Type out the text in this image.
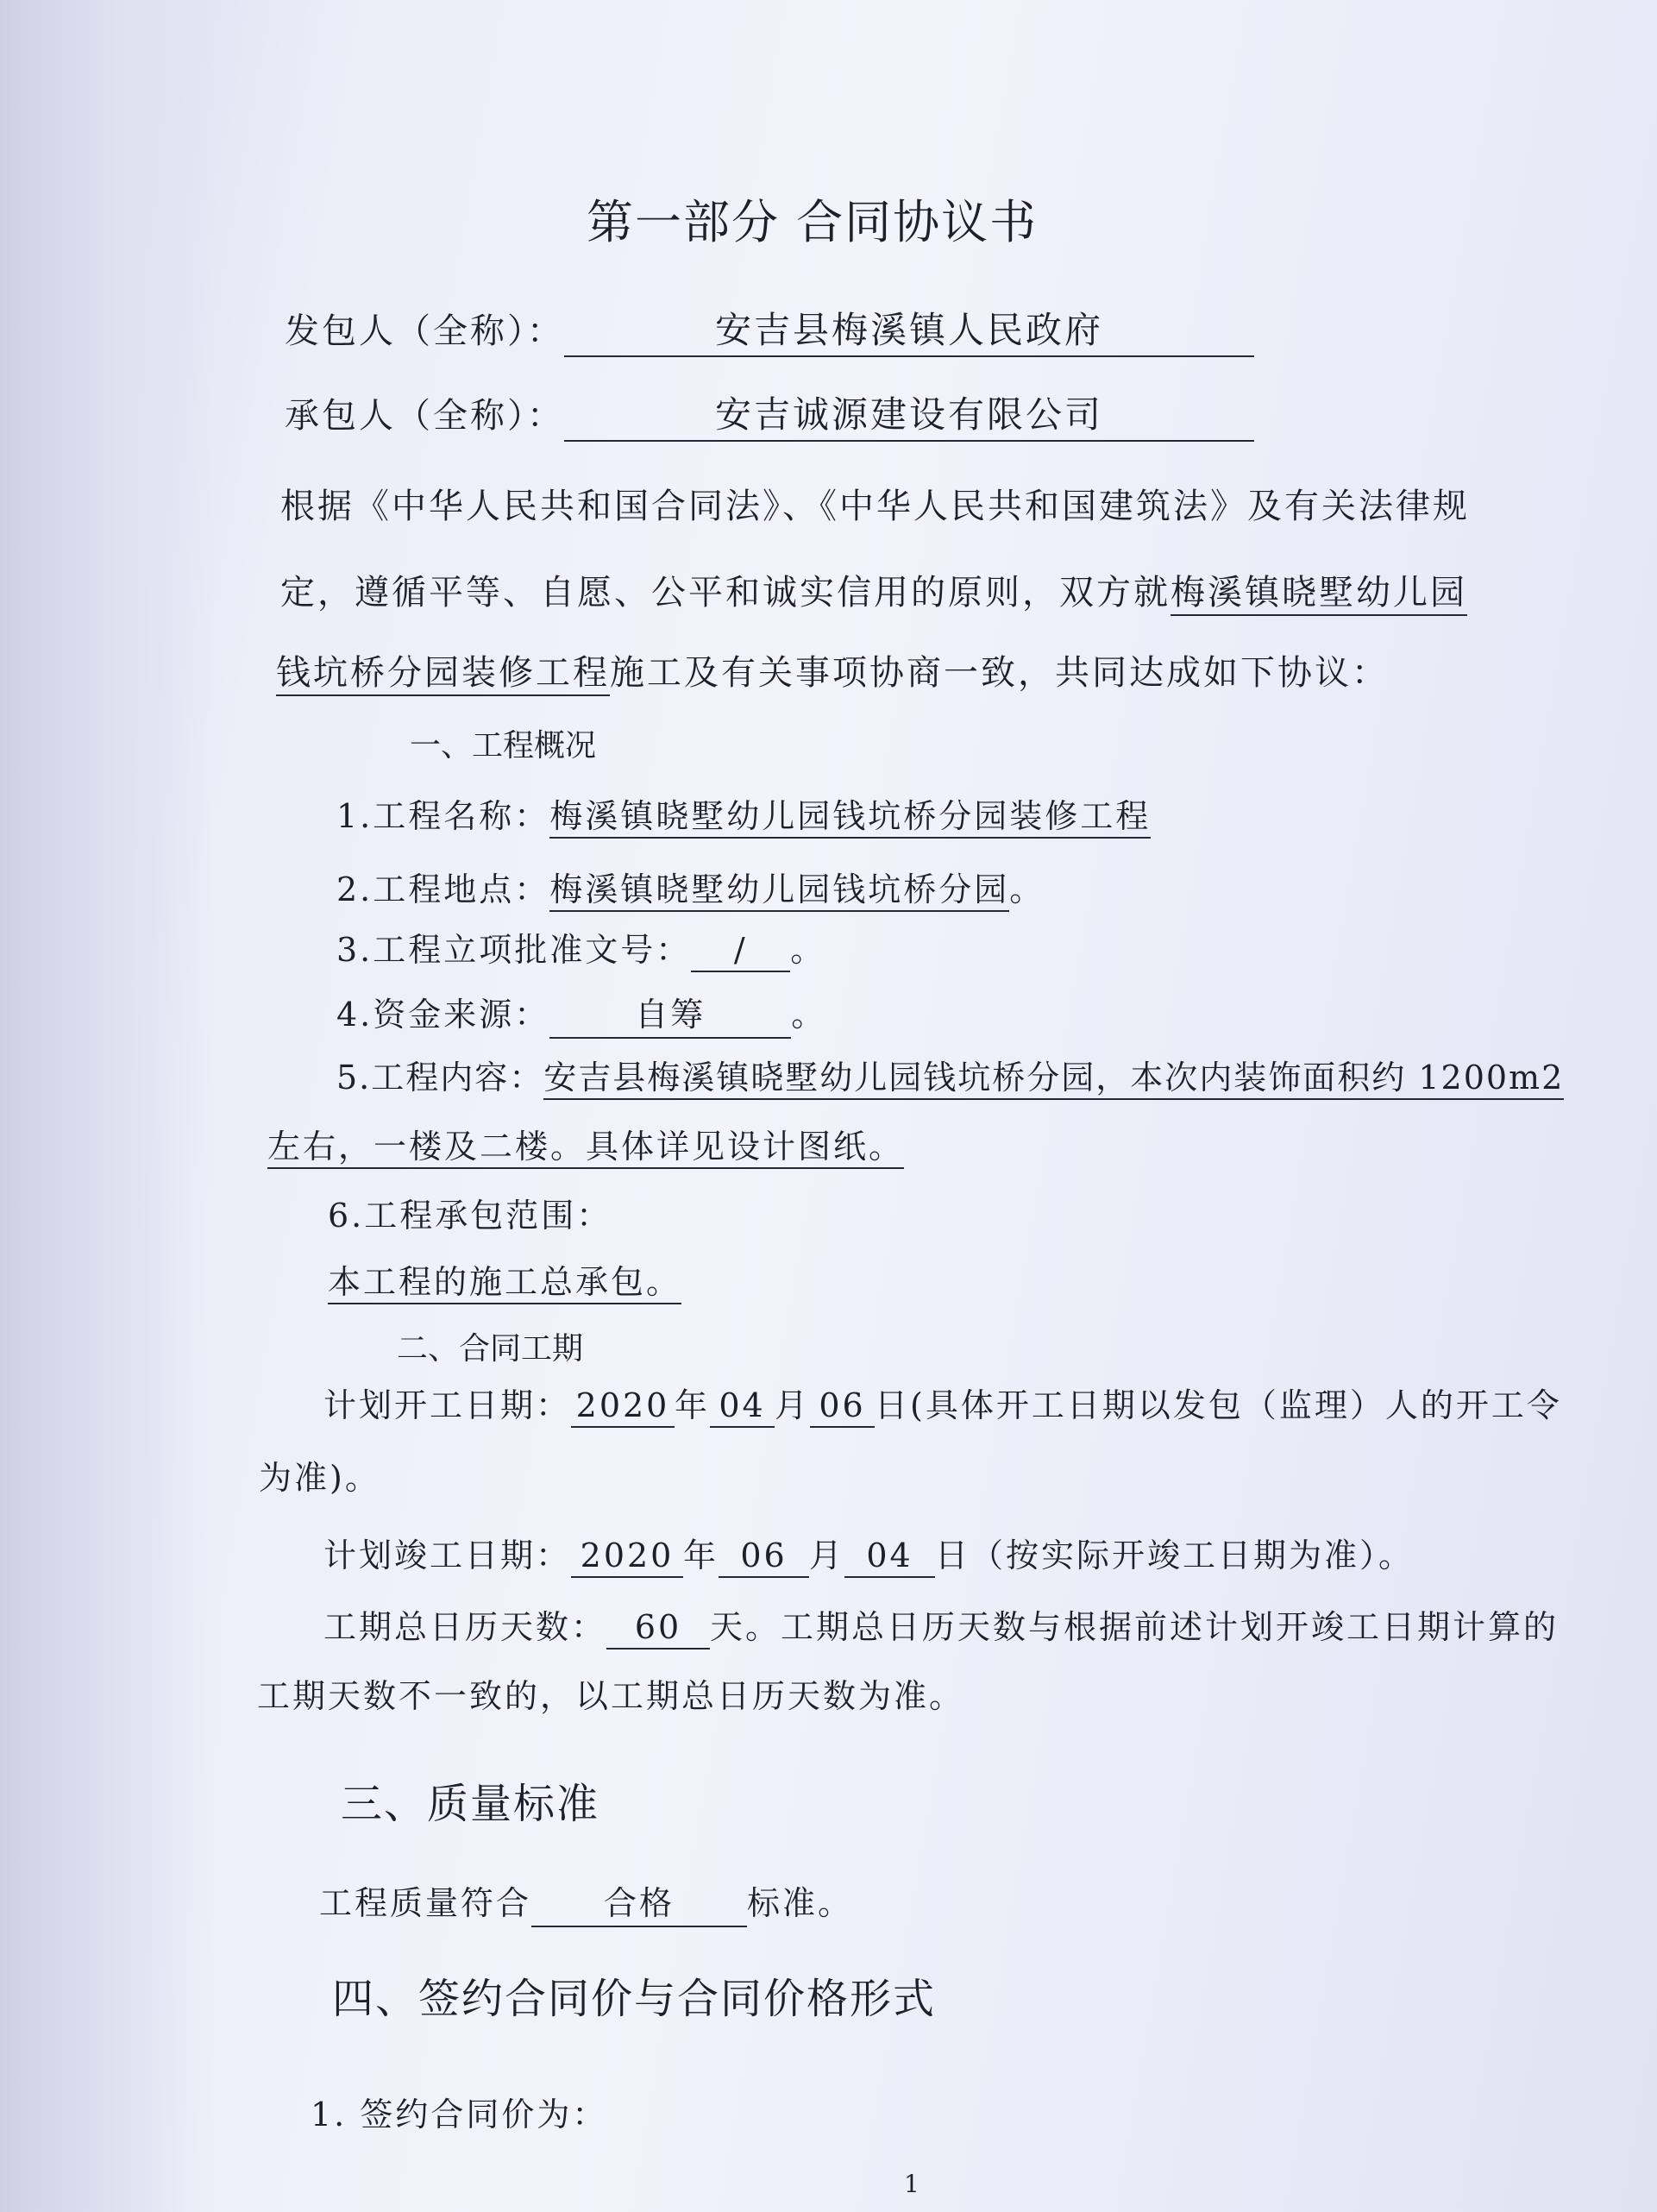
第一部分 合同协议书
发包人（全称）：	安吉县梅溪镇人民政府
承包人（全称）：	安吉诚源建设有限公司
根据《中华人民共和国合同法》、《中华人民共和国建筑法》及有关法律规
定，遵循平等、自愿、公平和诚实信用的原则，双方就梅溪镇晓墅幼儿园
钱坑桥分园装修工程施工及有关事项协商一致，共同达成如下协议：
一、工程概况
1.工程名称：梅溪镇晓墅幼儿园钱坑桥分园装修工程
2.工程地点：梅溪镇晓墅幼儿园钱坑桥分园。
3.工程立项批准文号： / 。
4.资金来源：	自筹	。
5.工程内容：安吉县梅溪镇晓墅幼儿园钱坑桥分园，本次内装饰面积约 1200m2
左右，一楼及二楼。具体详见设计图纸。
6.工程承包范围：
本工程的施工总承包。
二、合同工期
计划开工日期： 2020 年 04 月 06 日(具体开工日期以发包（监理）人的开工令
为准)。
计划竣工日期： 2020 年 06 月 04 日（按实际开竣工日期为准）。
工期总日历天数： 60 天。工期总日历天数与根据前述计划开竣工日期计算的
工期天数不一致的，以工期总日历天数为准。
三、质量标准
工程质量符合 合格 标准。
四、签约合同价与合同价格形式
1. 签约合同价为：
1
